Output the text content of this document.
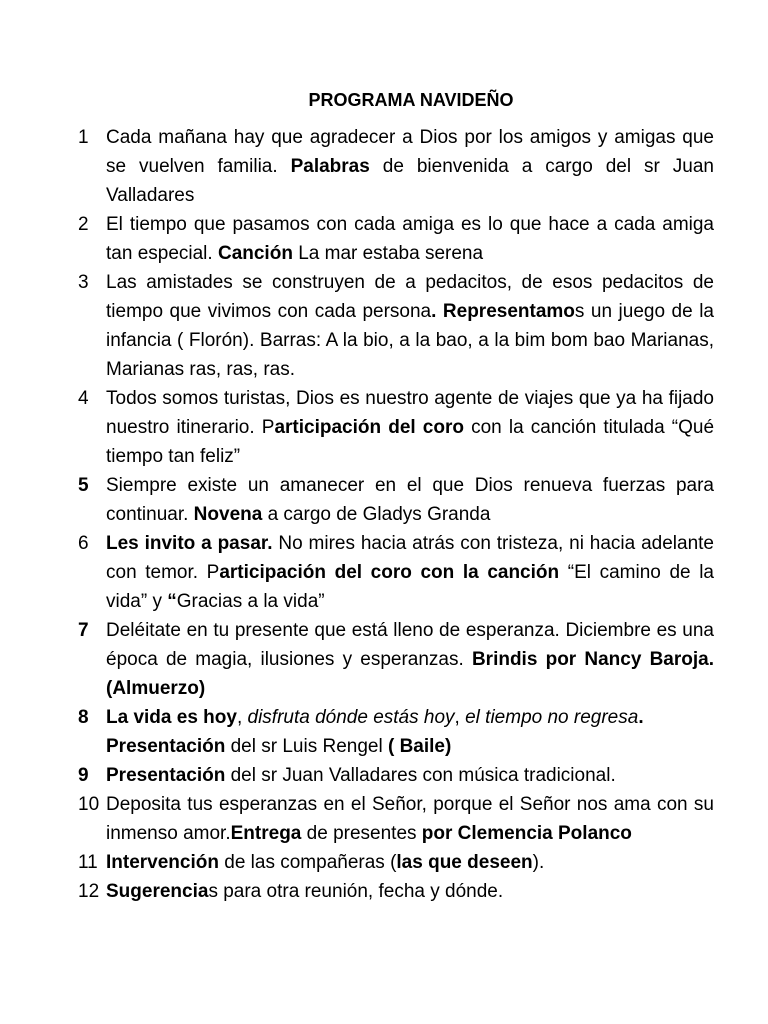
PROGRAMA NAVIDEÑO
1 Cada mañana hay que agradecer a Dios por los amigos y amigas que se vuelven familia. Palabras de bienvenida a cargo del sr Juan Valladares
2 El tiempo que pasamos con cada amiga es lo que hace a cada amiga tan especial. Canción La mar estaba serena
3 Las amistades se construyen de a pedacitos, de esos pedacitos de tiempo que vivimos con cada persona. Representamos un juego de la infancia ( Florón). Barras: A la bio, a la bao, a la bim bom bao Marianas, Marianas ras, ras, ras.
4 Todos somos turistas, Dios es nuestro agente de viajes que ya ha fijado nuestro itinerario. Participación del coro con la canción titulada “Qué tiempo tan feliz”
5 Siempre existe un amanecer en el que Dios renueva fuerzas para continuar. Novena a cargo de Gladys Granda
6 Les invito a pasar. No mires hacia atrás con tristeza, ni hacia adelante con temor. Participación del coro con la canción “El camino de la vida” y “Gracias a la vida”
7 Deléitate en tu presente que está lleno de esperanza. Diciembre es una época de magia, ilusiones y esperanzas. Brindis por Nancy Baroja. (Almuerzo)
8 La vida es hoy, disfruta dónde estás hoy, el tiempo no regresa.
Presentación del sr Luis Rengel ( Baile)
9 Presentación del sr Juan Valladares con música tradicional.
10 Deposita tus esperanzas en el Señor, porque el Señor nos ama con su inmenso amor.Entrega de presentes por Clemencia Polanco
11 Intervención de las compañeras (las que deseen).
12 Sugerencias para otra reunión, fecha y dónde.
